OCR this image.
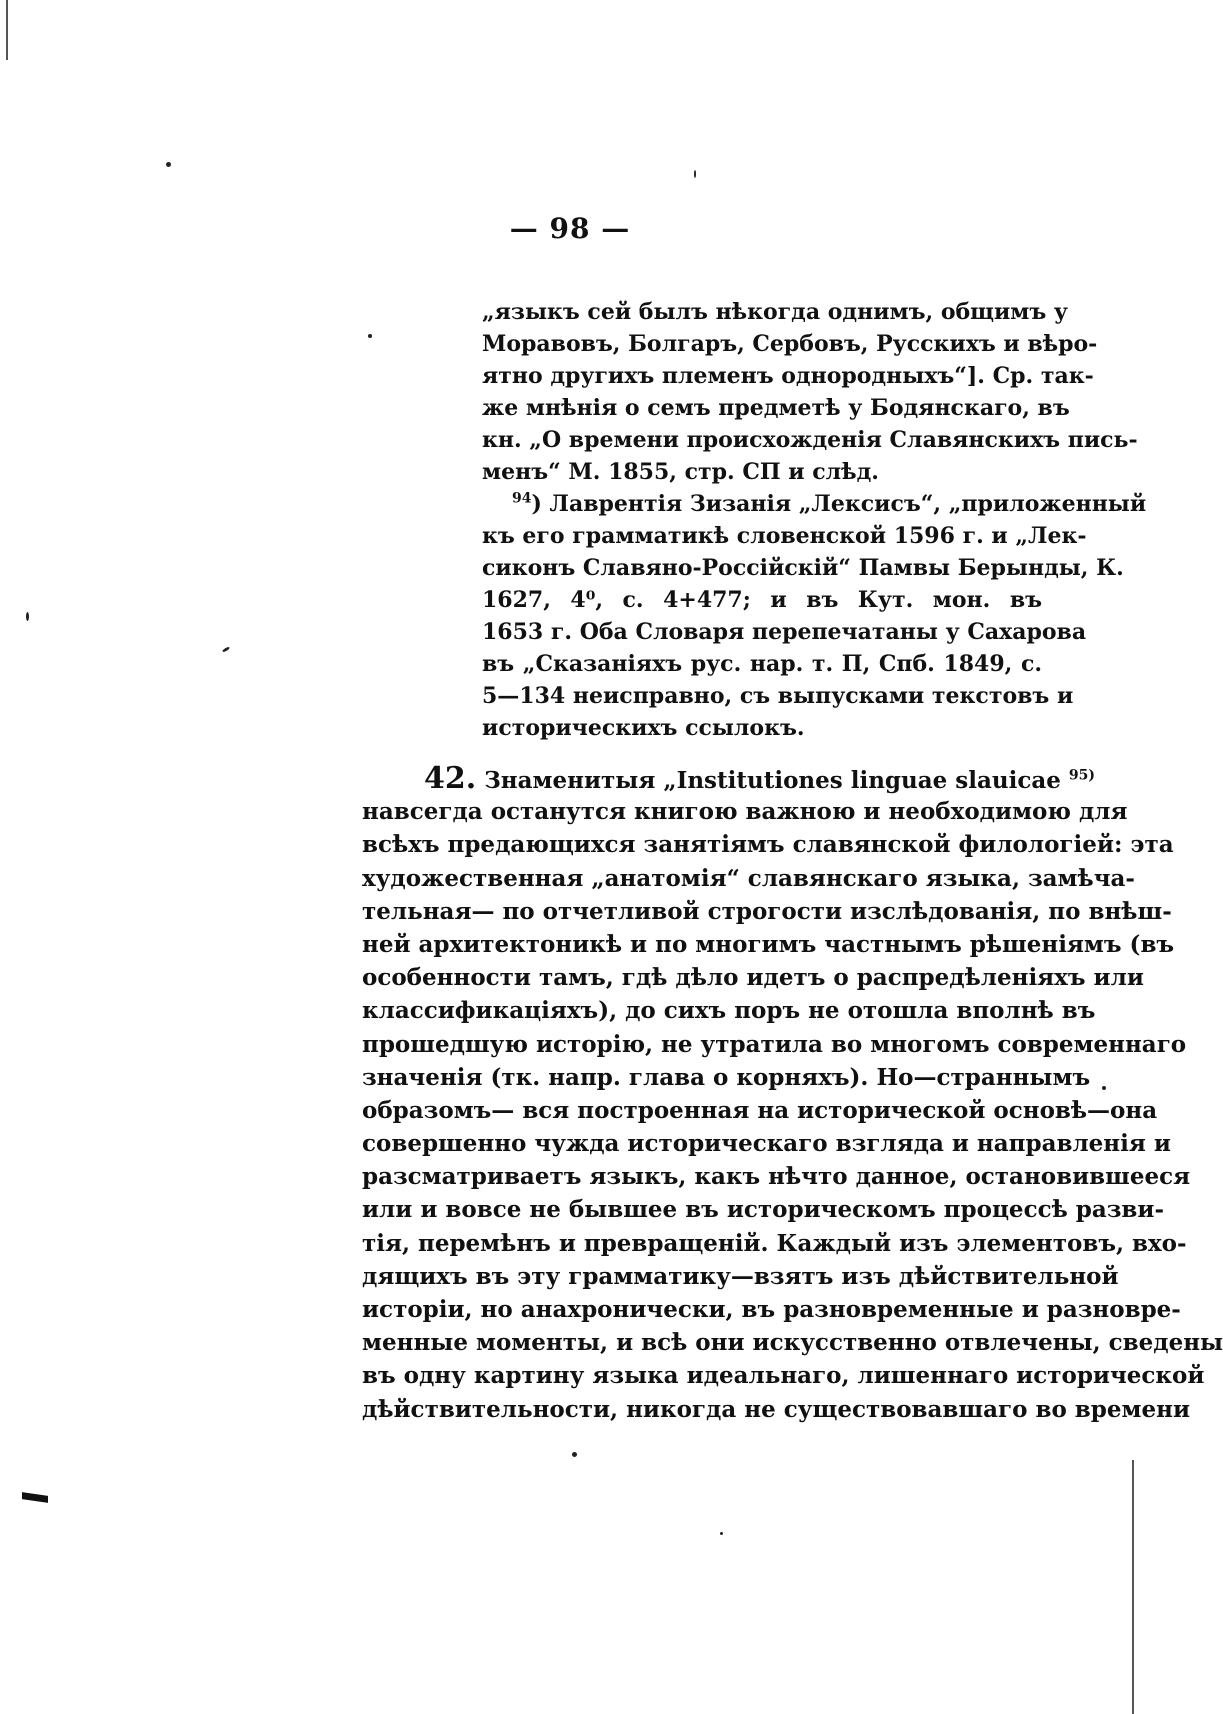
— 98 —
„языкъ сей былъ нѣкогда однимъ, общимъ у
Моравовъ, Болгаръ, Сербовъ, Русскихъ и вѣро-
ятно другихъ племенъ однородныхъ“]. Ср. так-
же мнѣнія о семъ предметѣ у Бодянскаго, въ
кн. „О времени происхожденія Славянскихъ пись-
менъ“ М. 1855, стр. СП и слѣд.
$^{94}$) Лаврентія Зизанія „Лексисъ“, „приложенный
къ его грамматикѣ словенской 1596 г. и „Лек-
сиконъ Славяно-Россійскій“ Памвы Берынды, К.
1627, 4⁰, с. 4+477; и въ Кут. мон. въ
1653 г. Оба Словаря перепечатаны у Сахарова
въ „Сказаніяхъ рус. нар. т. П, Спб. 1849, с.
5—134 неисправно, съ выпусками текстовъ и
историческихъ ссылокъ.
42. Знаменитыя „Institutiones linguae slauicae $^{95)}$
навсегда останутся книгою важною и необходимою для
всѣхъ предающихся занятіямъ славянской филологіей: эта
художественная „анатомія“ славянскаго языка, замѣча-
тельная— по отчетливой строгости изслѣдованія, по внѣш-
ней архитектоникѣ и по многимъ частнымъ рѣшеніямъ (въ
особенности тамъ, гдѣ дѣло идетъ о распредѣленіяхъ или
классификаціяхъ), до сихъ поръ не отошла вполнѣ въ
прошедшую исторію, не утратила во многомъ современнаго
значенія (тк. напр. глава о корняхъ). Но—страннымъ
образомъ— вся построенная на исторической основѣ—она
совершенно чужда историческаго взгляда и направленія и
разсматриваетъ языкъ, какъ нѣчто данное, остановившееся
или и вовсе не бывшее въ историческомъ процессѣ разви-
тія, перемѣнъ и превращеній. Каждый изъ элементовъ, вхо-
дящихъ въ эту грамматику—взятъ изъ дѣйствительной
исторіи, но анахронически, въ разновременные и разновре-
менные моменты, и всѣ они искусственно отвлечены, сведены
въ одну картину языка идеальнаго, лишеннаго исторической
дѣйствительности, никогда не существовавшаго во времени
